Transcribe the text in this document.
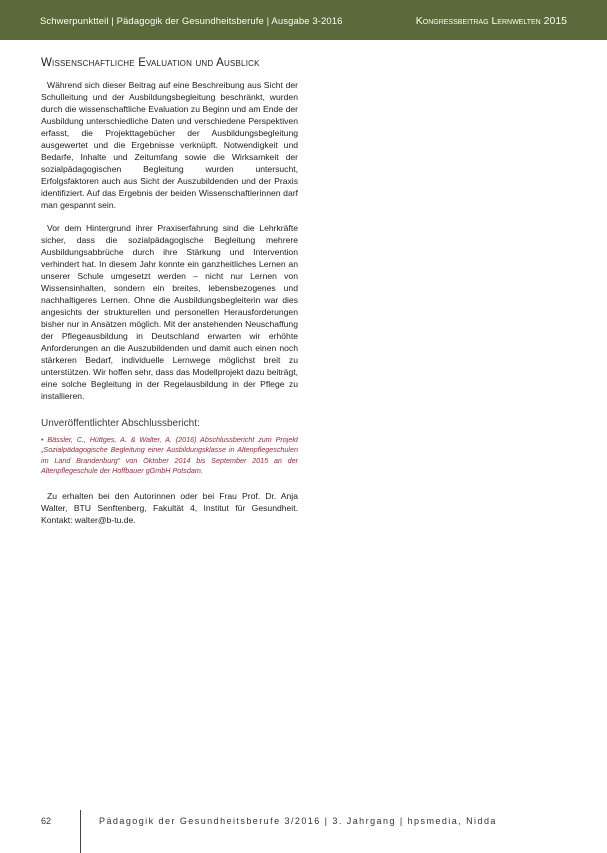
Schwerpunktteil | Pädagogik der Gesundheitsberufe | Ausgabe 3-2016	Kongressbeitrag Lernwelten 2015
Wissenschaftliche Evaluation und Ausblick

Während sich dieser Beitrag auf eine Beschreibung aus Sicht der Schulleitung und der Ausbildungsbegleitung beschränkt, wurden durch die wissenschaftliche Evaluation zu Beginn und am Ende der Ausbildung unterschiedliche Daten und verschiedene Perspektiven erfasst, die Projekttagebücher der Ausbildungsbegleitung ausgewertet und die Ergebnisse verknüpft. Notwendigkeit und Bedarfe, Inhalte und Zeitumfang sowie die Wirksamkeit der sozialpädagogischen Begleitung wurden untersucht, Erfolgsfaktoren auch aus Sicht der Auszubildenden und der Praxis identifiziert. Auf das Ergebnis der beiden Wissenschaftlerinnen darf man gespannt sein.

Vor dem Hintergrund ihrer Praxiserfahrung sind die Lehrkräfte sicher, dass die sozialpädagogische Begleitung mehrere Ausbildungsabbrüche durch ihre Stärkung und Intervention verhindert hat. In diesem Jahr konnte ein ganzheitliches Lernen an unserer Schule umgesetzt werden – nicht nur Lernen von Wissensinhalten, sondern ein breites, lebensbezogenes und nachhaltigeres Lernen. Ohne die Ausbildungsbegleiterin war dies angesichts der strukturellen und personellen Herausforderungen bisher nur in Ansätzen möglich. Mit der anstehenden Neuschaffung der Pflegeausbildung in Deutschland erwarten wir erhöhte Anforderungen an die Auszubildenden und damit auch einen noch stärkeren Bedarf, individuelle Lernwege möglichst breit zu unterstützen. Wir hoffen sehr, dass das Modellprojekt dazu beiträgt, eine solche Begleitung in der Regelausbildung in der Pflege zu installieren.

Unveröffentlichter Abschlussbericht:

• Bässler, C., Hüttges, A. & Walter, A. (2016) Abschlussbericht zum Projekt „Sozialpädagogische Begleitung einer Ausbildungsklasse in Altenpflegeschulen im Land Brandenburg“ von Oktober 2014 bis September 2015 an der Altenpflegeschule der Hoffbauer gGmbH Potsdam.

Zu erhalten bei den Autorinnen oder bei Frau Prof. Dr. Anja Walter, BTU Senftenberg, Fakultät 4, Institut für Gesundheit. Kontakt: walter@b-tu.de.

62	Pädagogik der Gesundheitsberufe 3/2016 | 3. Jahrgang | hpsmedia, Nidda
